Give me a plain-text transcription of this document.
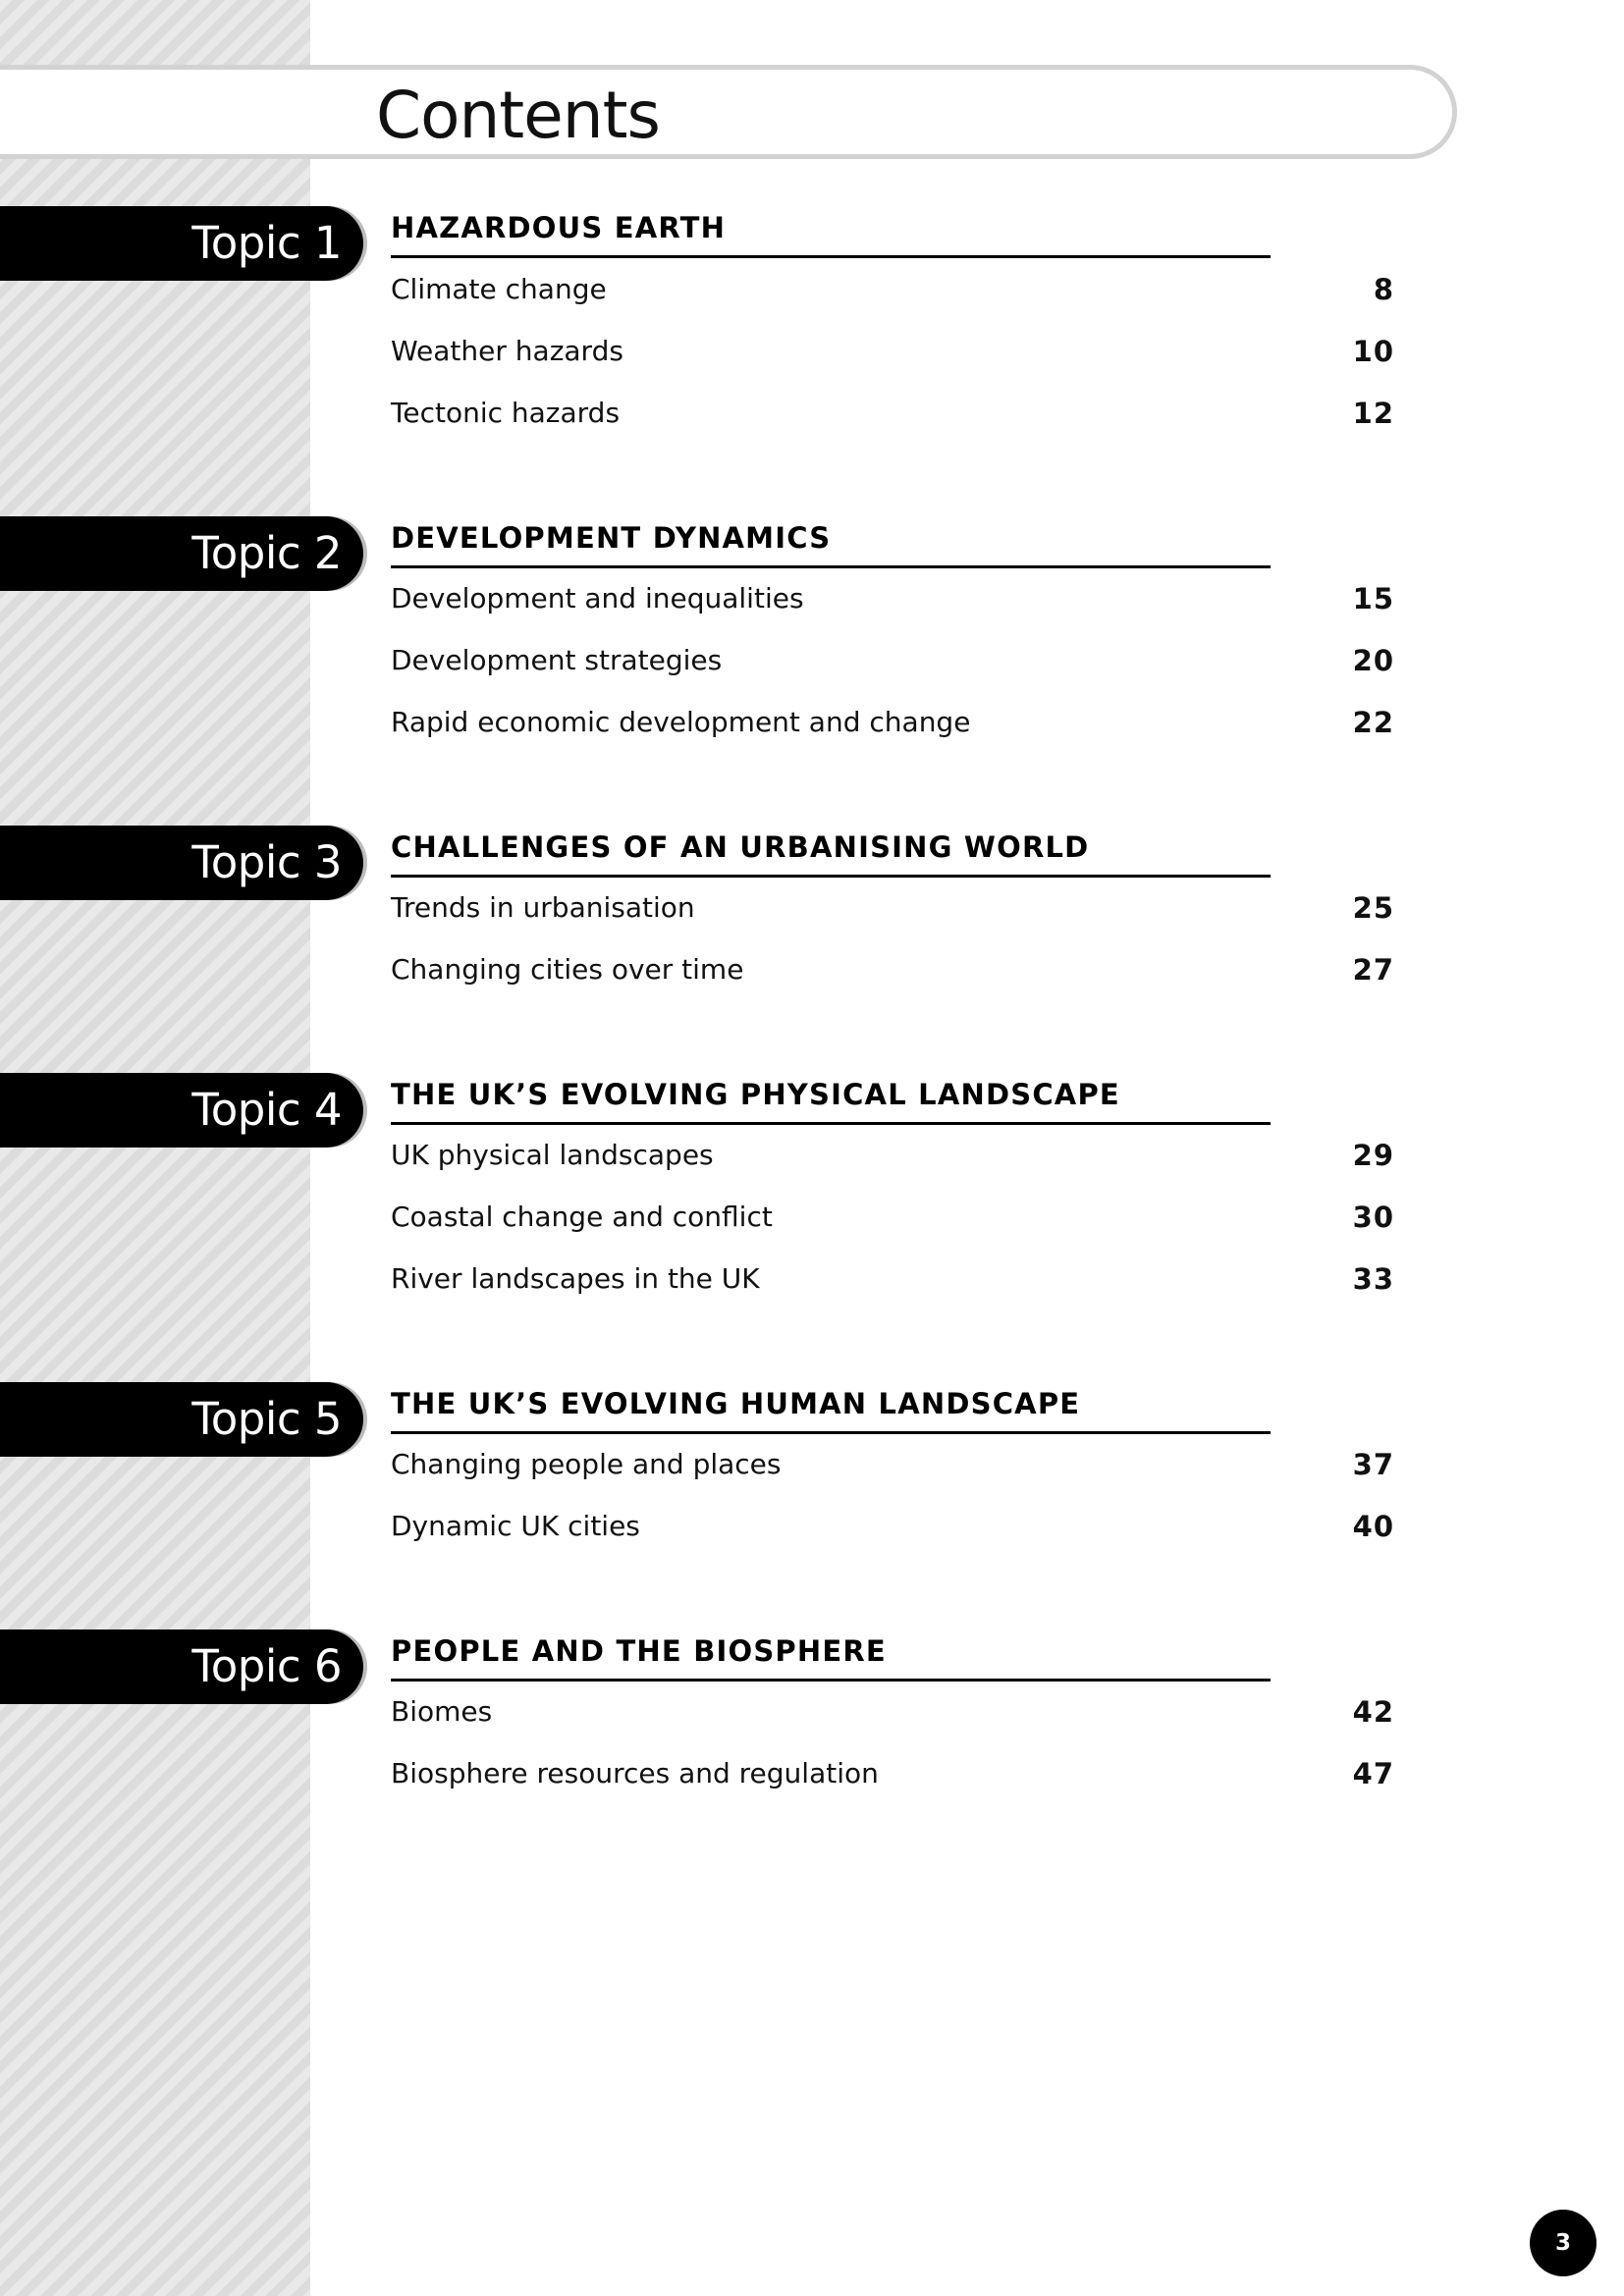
Contents
Topic 1 HAZARDOUS EARTH
Climate change	8
Weather hazards	10
Tectonic hazards	12
Topic 2 DEVELOPMENT DYNAMICS
Development and inequalities	15
Development strategies	20
Rapid economic development and change	22
Topic 3 CHALLENGES OF AN URBANISING WORLD
Trends in urbanisation	25
Changing cities over time	27
Topic 4 THE UK’S EVOLVING PHYSICAL LANDSCAPE
UK physical landscapes	29
Coastal change and conflict	30
River landscapes in the UK	33
Topic 5 THE UK’S EVOLVING HUMAN LANDSCAPE
Changing people and places	37
Dynamic UK cities	40
Topic 6 PEOPLE AND THE BIOSPHERE
Biomes	42
Biosphere resources and regulation	47
3
